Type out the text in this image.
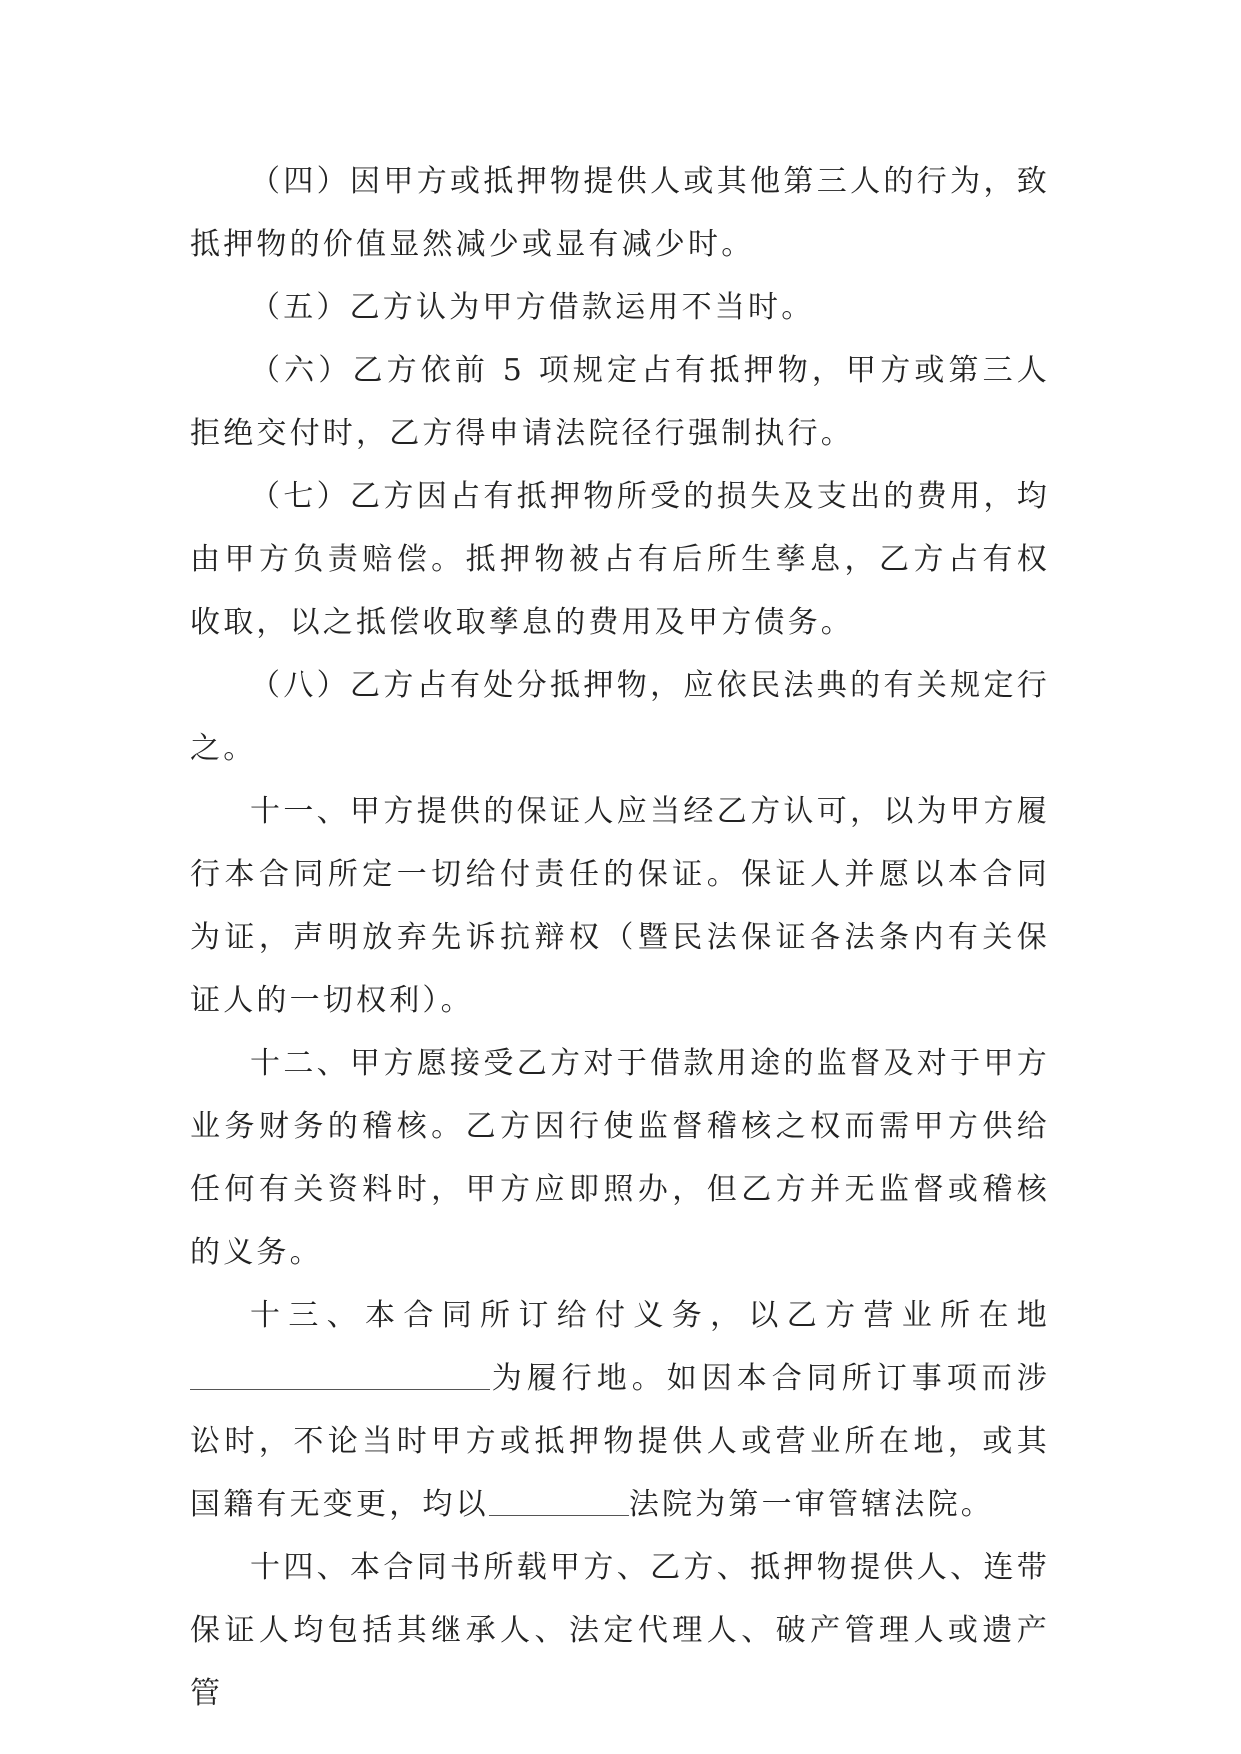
（四）因甲方或抵押物提供人或其他第三人的行为，致抵押物的价值显然减少或显有减少时。

（五）乙方认为甲方借款运用不当时。

（六）乙方依前 5 项规定占有抵押物，甲方或第三人拒绝交付时，乙方得申请法院径行强制执行。

（七）乙方因占有抵押物所受的损失及支出的费用，均由甲方负责赔偿。抵押物被占有后所生孳息，乙方占有权收取，以之抵偿收取孳息的费用及甲方债务。

（八）乙方占有处分抵押物，应依民法典的有关规定行之。

十一、甲方提供的保证人应当经乙方认可，以为甲方履行本合同所定一切给付责任的保证。保证人并愿以本合同为证，声明放弃先诉抗辩权（暨民法保证各法条内有关保证人的一切权利）。

十二、甲方愿接受乙方对于借款用途的监督及对于甲方业务财务的稽核。乙方因行使监督稽核之权而需甲方供给任何有关资料时，甲方应即照办，但乙方并无监督或稽核的义务。

十三、本合同所订给付义务，以乙方营业所在地为履行地。如因本合同所订事项而涉讼时，不论当时甲方或抵押物提供人或营业所在地，或其国籍有无变更，均以	法院为第一审管辖法院。

十四、本合同书所载甲方、乙方、抵押物提供人、连带保证人均包括其继承人、法定代理人、破产管理人或遗产管
